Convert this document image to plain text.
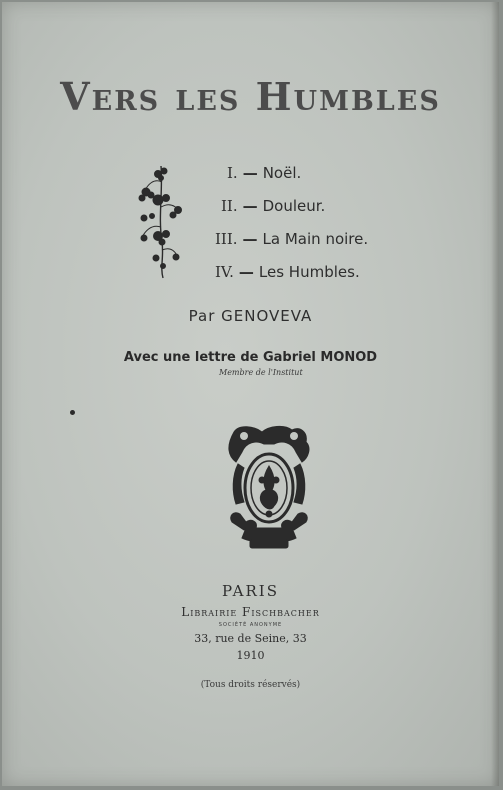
Vers les Humbles
I. — Noël.
II. — Douleur.
III. — La Main noire.
IV. — Les Humbles.
Par GENOVEVA
Avec une lettre de Gabriel MONOD
Membre de l'Institut
PARIS
Librairie Fischbacher
SOCIÉTÉ ANONYME
33, rue de Seine, 33
1910
(Tous droits réservés)
